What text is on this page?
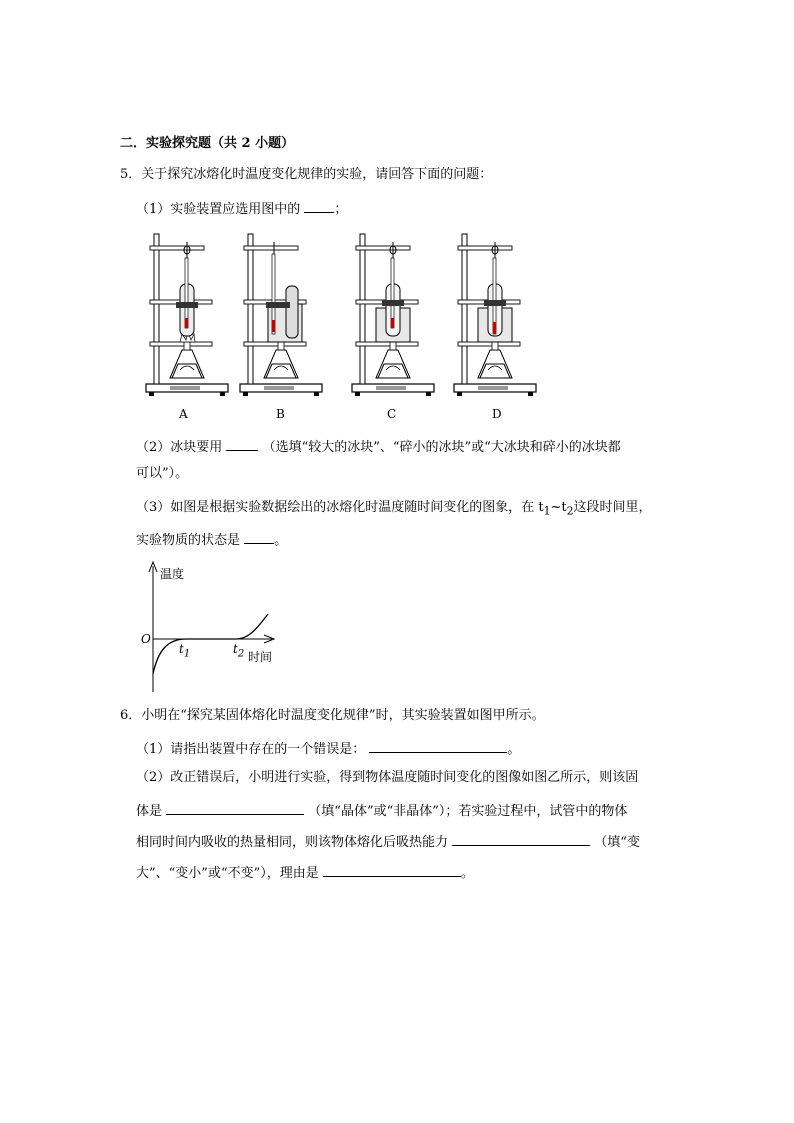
二．实验探究题（共 2 小题）
5．关于探究冰熔化时温度变化规律的实验，请回答下面的问题：
（1）实验装置应选用图中的	；
A	B	C	D
（2）冰块要用	（选填“较大的冰块”、“碎小的冰块”或“大冰块和碎小的冰块都
可以”）。
（3）如图是根据实验数据绘出的冰熔化时温度随时间变化的图象，在 $t_1\sim t_2$这段时间里，
实验物质的状态是	。
温度
O
$t_1$	$t_2$ 时间
6．小明在“探究某固体熔化时温度变化规律”时，其实验装置如图甲所示。
（1）请指出装置中存在的一个错误是：	。
（2）改正错误后，小明进行实验，得到物体温度随时间变化的图像如图乙所示，则该固
体是	（填“晶体”或“非晶体”）；若实验过程中，试管中的物体
相同时间内吸收的热量相同，则该物体熔化后吸热能力	（填“变
大”、“变小”或“不变”），理由是	。
